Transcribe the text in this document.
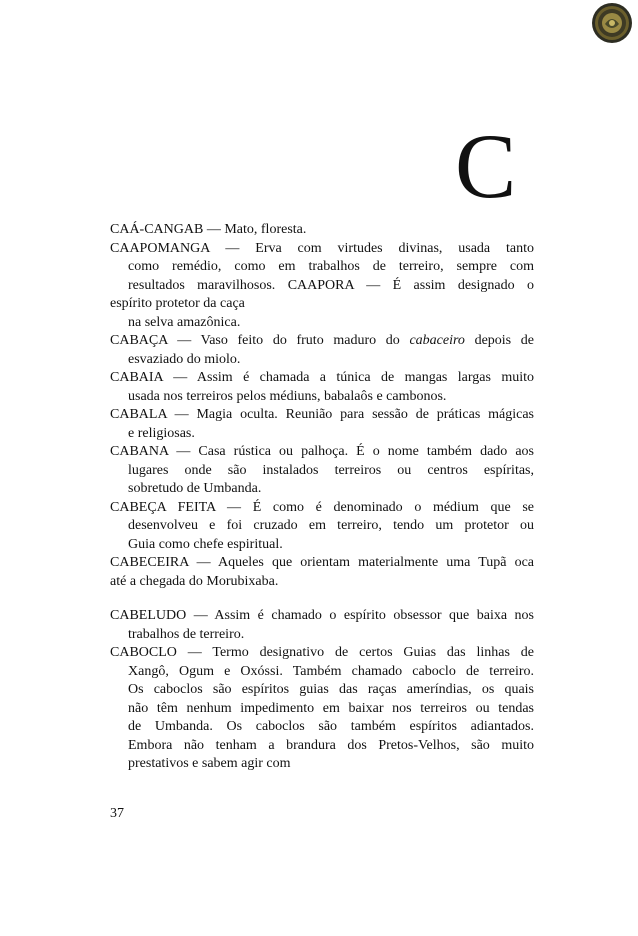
C

CAÁ-CANGAB — Mato, floresta.

CAAPOMANGA — Erva com virtudes divinas, usada tanto
como remédio, como em trabalhos de terreiro, sempre com
resultados maravilhosos. CAAPORA — É assim designado o
espírito protetor da caça
na selva amazônica.

CABAÇA — Vaso feito do fruto maduro do cabaceiro depois de
esvaziado do miolo.

CABAIA — Assim é chamada a túnica de mangas largas muito
usada nos terreiros pelos médiuns, babalaôs e cambonos.

CABALA — Magia oculta. Reunião para sessão de práticas mágicas
e religiosas.

CABANA — Casa rústica ou palhoça. É o nome também dado aos
lugares onde são instalados terreiros ou centros espíritas,
sobretudo de Umbanda.

CABEÇA FEITA — É como é denominado o médium que se
desenvolveu e foi cruzado em terreiro, tendo um protetor ou
Guia como chefe espiritual.

CABECEIRA — Aqueles que orientam materialmente uma Tupã oca
até a chegada do Morubixaba.

CABELUDO — Assim é chamado o espírito obsessor que baixa nos
trabalhos de terreiro.

CABOCLO — Termo designativo de certos Guias das linhas de
Xangô, Ogum e Oxóssi. Também chamado caboclo de terreiro.
Os caboclos são espíritos guias das raças ameríndias, os quais
não têm nenhum impedimento em baixar nos terreiros ou tendas
de Umbanda. Os caboclos são também espíritos adiantados.
Embora não tenham a brandura dos Pretos-Velhos, são muito
prestativos e sabem agir com

37
